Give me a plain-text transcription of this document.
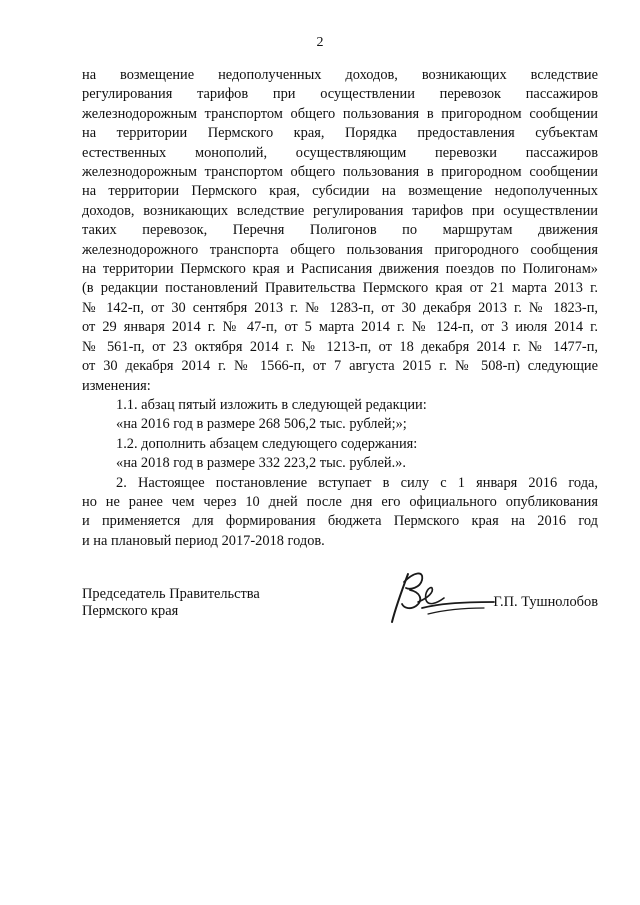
2
на возмещение недополученных доходов, возникающих вследствие
регулирования тарифов при осуществлении перевозок пассажиров
железнодорожным транспортом общего пользования в пригородном сообщении
на территории Пермского края, Порядка предоставления субъектам
естественных монополий, осуществляющим перевозки пассажиров
железнодорожным транспортом общего пользования в пригородном сообщении
на территории Пермского края, субсидии на возмещение недополученных
доходов, возникающих вследствие регулирования тарифов при осуществлении
таких перевозок, Перечня Полигонов по маршрутам движения
железнодорожного транспорта общего пользования пригородного сообщения
на территории Пермского края и Расписания движения поездов по Полигонам»
(в редакции постановлений Правительства Пермского края от 21 марта 2013 г.
№ 142-п, от 30 сентября 2013 г. № 1283-п, от 30 декабря 2013 г. № 1823-п,
от 29 января 2014 г. № 47-п, от 5 марта 2014 г. № 124-п, от 3 июля 2014 г.
№ 561-п, от 23 октября 2014 г. № 1213-п, от 18 декабря 2014 г. № 1477-п,
от 30 декабря 2014 г. № 1566-п, от 7 августа 2015 г. № 508-п) следующие
изменения:
1.1. абзац пятый изложить в следующей редакции:
«на 2016 год в размере 268 506,2 тыс. рублей;»;
1.2. дополнить абзацем следующего содержания:
«на 2018 год в размере 332 223,2 тыс. рублей.».
2. Настоящее постановление вступает в силу с 1 января 2016 года,
но не ранее чем через 10 дней после дня его официального опубликования
и применяется для формирования бюджета Пермского края на 2016 год
и на плановый период 2017-2018 годов.
Председатель Правительства
Пермского края
Г.П. Тушнолобов
